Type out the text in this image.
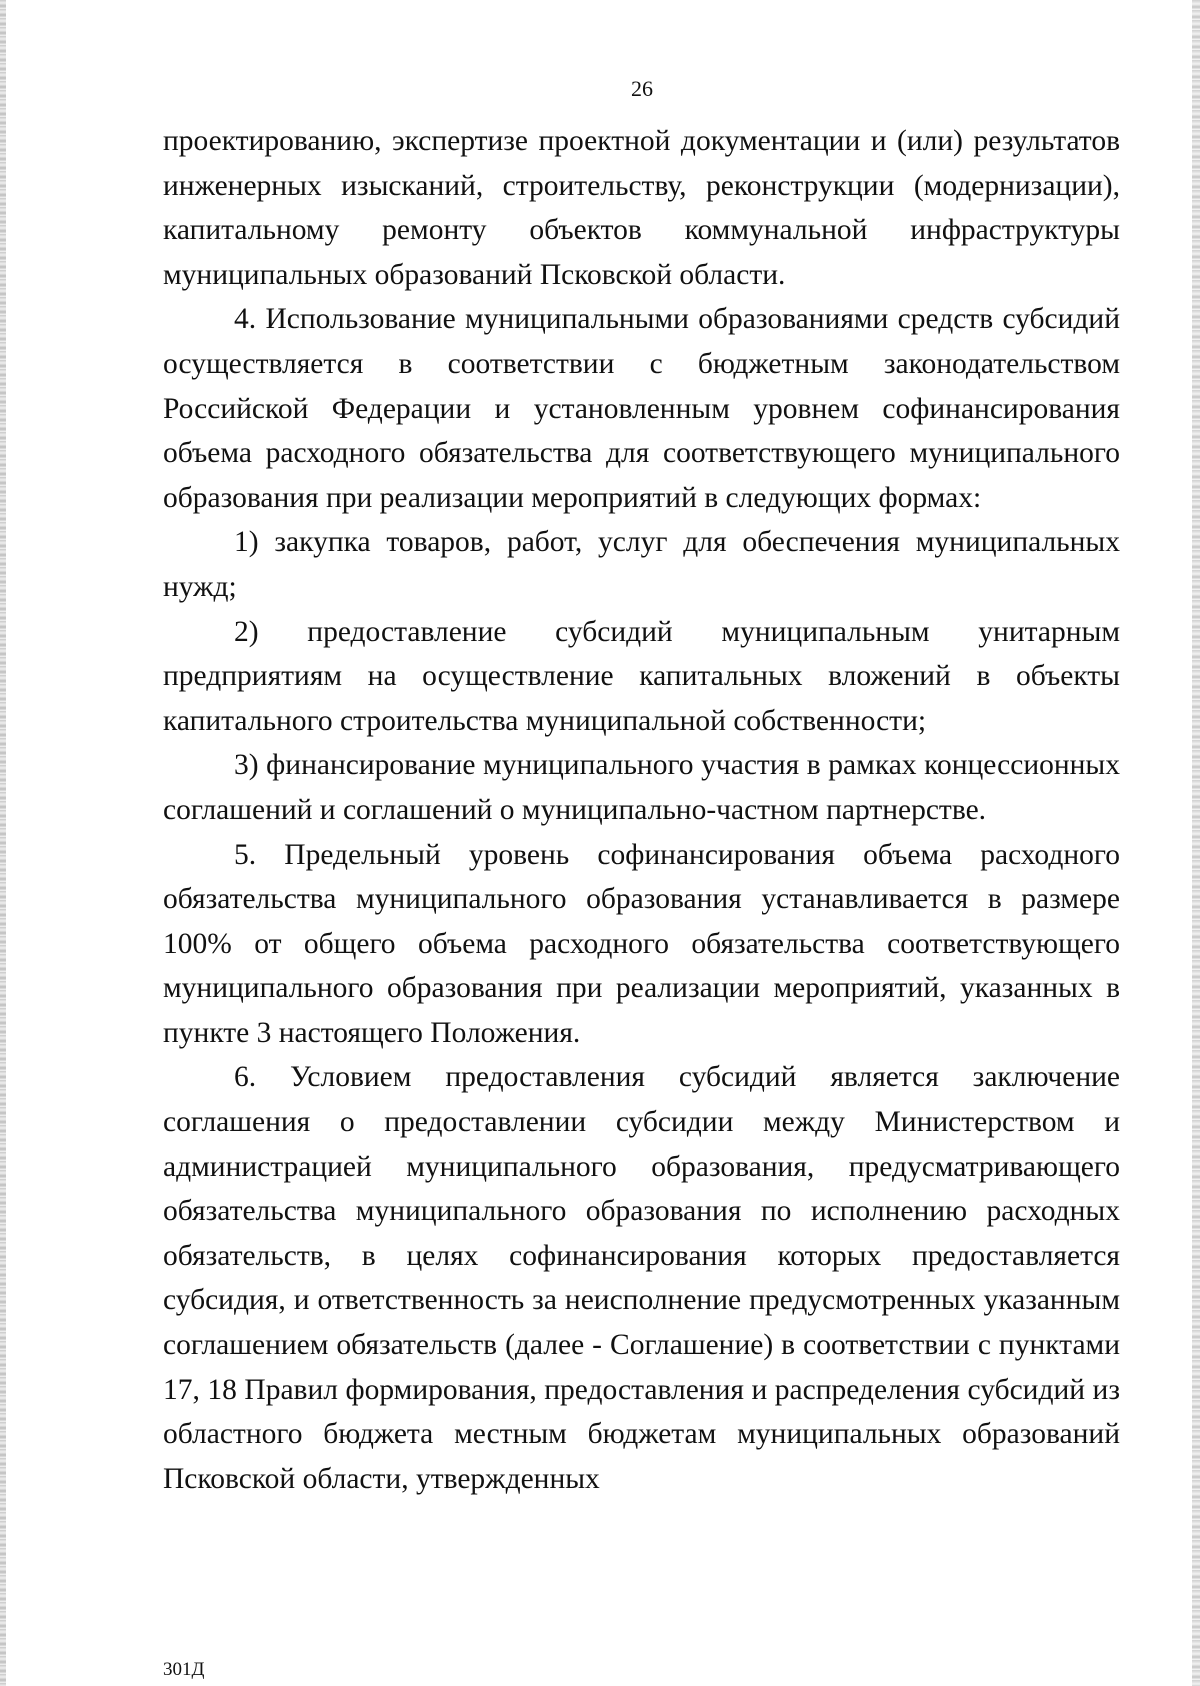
26

проектированию, экспертизе проектной документации и (или) результатов инженерных изысканий, строительству, реконструкции (модернизации), капитальному ремонту объектов коммунальной инфраструктуры муниципальных образований Псковской области.

4. Использование муниципальными образованиями средств субсидий осуществляется в соответствии с бюджетным законодательством Российской Федерации и установленным уровнем софинансирования объема расходного обязательства для соответствующего муниципального образования при реализации мероприятий в следующих формах:

1) закупка товаров, работ, услуг для обеспечения муниципальных нужд;

2) предоставление субсидий муниципальным унитарным предприятиям на осуществление капитальных вложений в объекты капитального строительства муниципальной собственности;

3) финансирование муниципального участия в рамках концессионных соглашений и соглашений о муниципально-частном партнерстве.

5. Предельный уровень софинансирования объема расходного обязательства муниципального образования устанавливается в размере 100% от общего объема расходного обязательства соответствующего муниципального образования при реализации мероприятий, указанных в пункте 3 настоящего Положения.

6. Условием предоставления субсидий является заключение соглашения о предоставлении субсидии между Министерством и администрацией муниципального образования, предусматривающего обязательства муниципального образования по исполнению расходных обязательств, в целях софинансирования которых предоставляется субсидия, и ответственность за неисполнение предусмотренных указанным соглашением обязательств (далее - Соглашение) в соответствии с пунктами 17, 18 Правил формирования, предоставления и распределения субсидий из областного бюджета местным бюджетам муниципальных образований Псковской области, утвержденных

301Д
